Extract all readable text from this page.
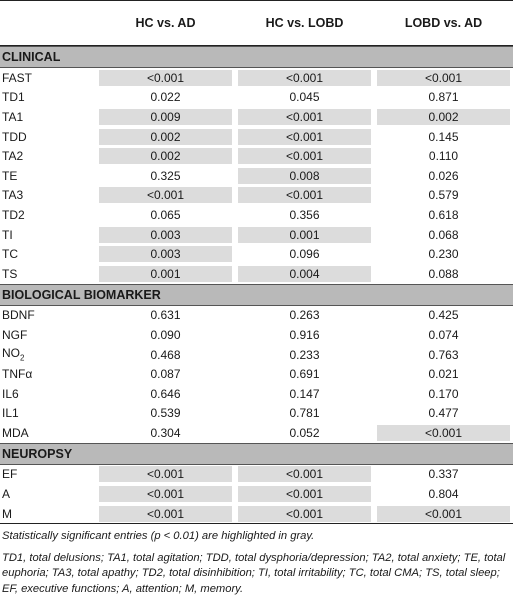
	HC vs. AD	HC vs. LOBD	LOBD vs. AD

CLINICAL			
FAST	<0.001	<0.001	<0.001

TD1	0.022	0.045	0.871

TA1	0.009	<0.001	0.002

TDD	0.002	<0.001	0.145

TA2	0.002	<0.001	0.110

TE	0.325	0.008	0.026

TA3	<0.001	<0.001	0.579

TD2	0.065	0.356	0.618

TI	0.003	0.001	0.068

TC	0.003	0.096	0.230

TS	0.001	0.004	0.088

BIOLOGICAL BIOMARKER			
BDNF	0.631	0.263	0.425

NGF	0.090	0.916	0.074

$NO_2$	0.468	0.233	0.763

TNFα	0.087	0.691	0.021

IL6	0.646	0.147	0.170

IL1	0.539	0.781	0.477

MDA	0.304	0.052	<0.001

NEUROPSY			
EF	<0.001	<0.001	0.337

A	<0.001	<0.001	0.804

M	<0.001	<0.001	<0.001

Statistically significant entries (p < 0.01) are highlighted in gray.

TD1, total delusions; TA1, total agitation; TDD, total dysphoria/depression; TA2, total anxiety; TE, total euphoria; TA3, total apathy; TD2, total disinhibition; TI, total irritability; TC, total CMA; TS, total sleep; EF, executive functions; A, attention; M, memory.
